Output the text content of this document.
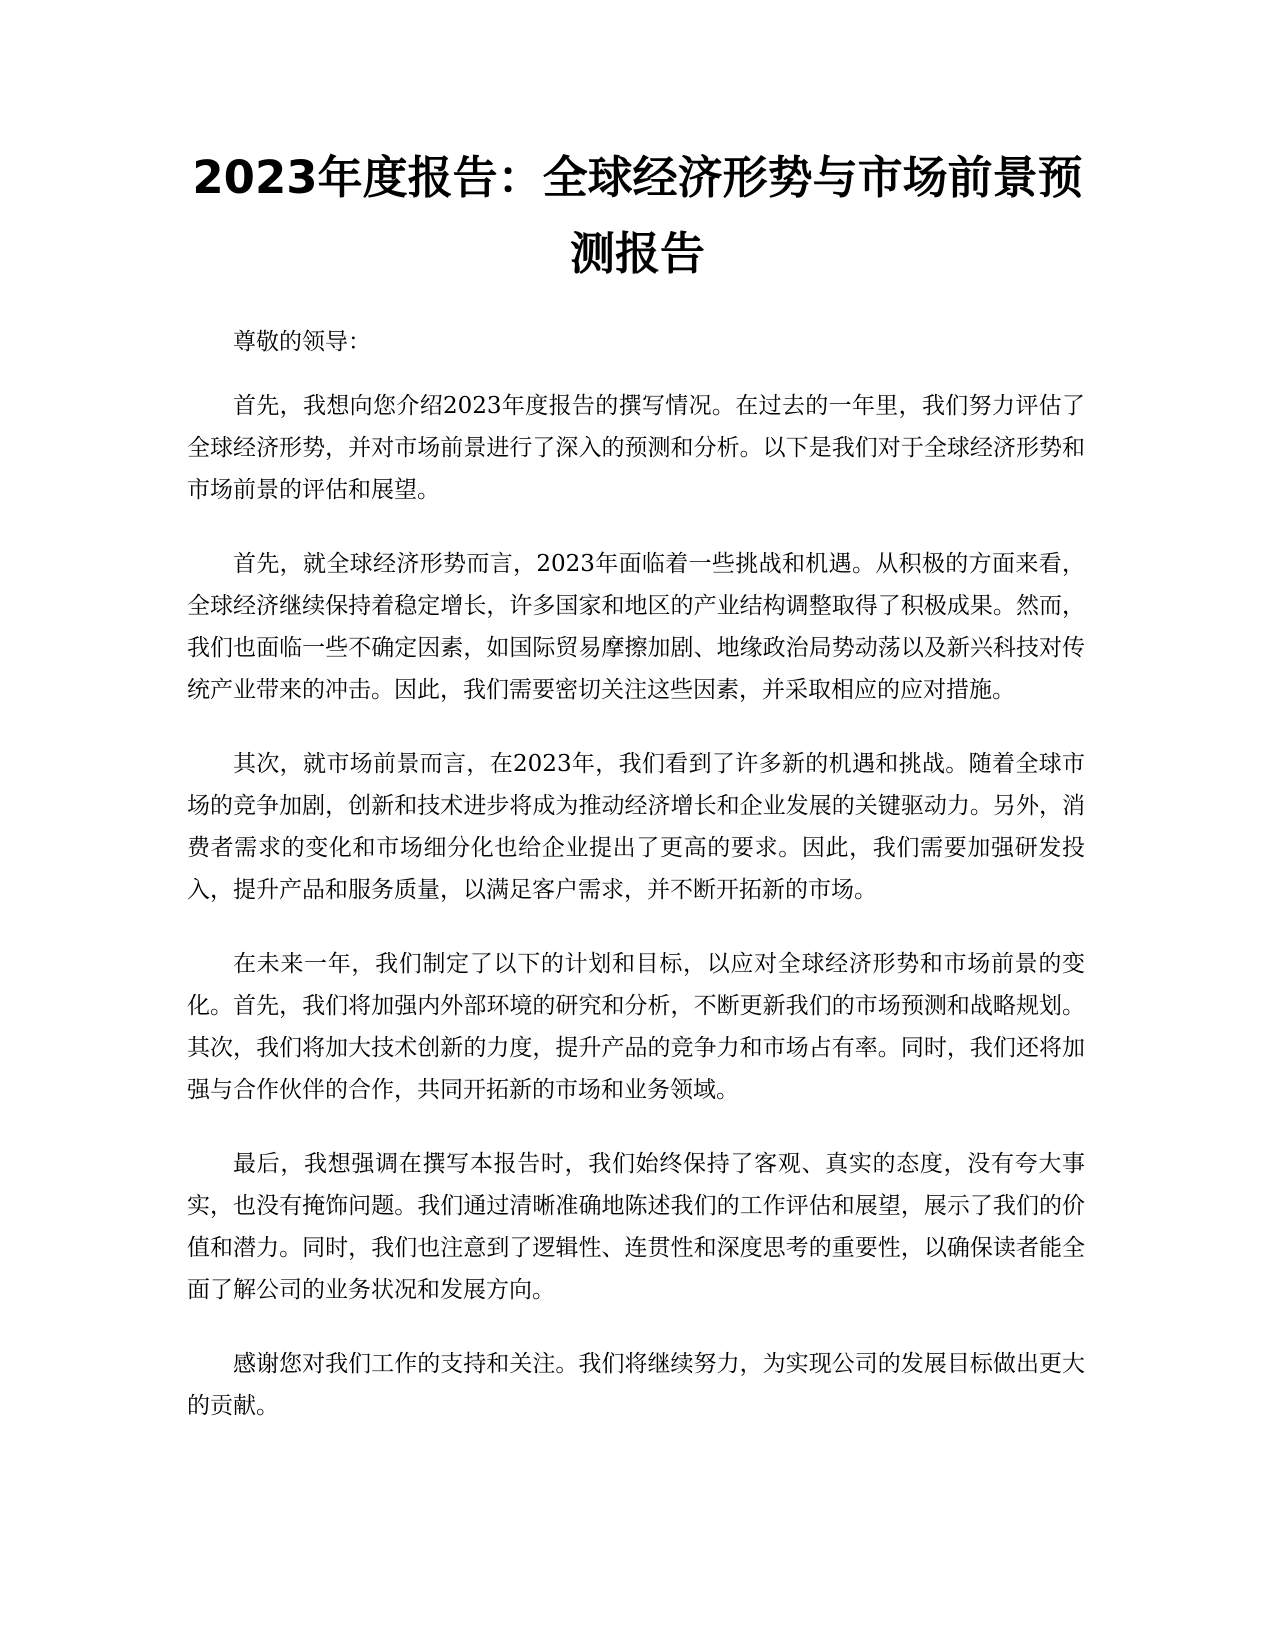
2023年度报告：全球经济形势与市场前景预测报告

尊敬的领导：

首先，我想向您介绍2023年度报告的撰写情况。在过去的一年里，我们努力评估了全球经济形势，并对市场前景进行了深入的预测和分析。以下是我们对于全球经济形势和市场前景的评估和展望。

首先，就全球经济形势而言，2023年面临着一些挑战和机遇。从积极的方面来看，全球经济继续保持着稳定增长，许多国家和地区的产业结构调整取得了积极成果。然而，我们也面临一些不确定因素，如国际贸易摩擦加剧、地缘政治局势动荡以及新兴科技对传统产业带来的冲击。因此，我们需要密切关注这些因素，并采取相应的应对措施。

其次，就市场前景而言，在2023年，我们看到了许多新的机遇和挑战。随着全球市场的竞争加剧，创新和技术进步将成为推动经济增长和企业发展的关键驱动力。另外，消费者需求的变化和市场细分化也给企业提出了更高的要求。因此，我们需要加强研发投入，提升产品和服务质量，以满足客户需求，并不断开拓新的市场。

在未来一年，我们制定了以下的计划和目标，以应对全球经济形势和市场前景的变化。首先，我们将加强内外部环境的研究和分析，不断更新我们的市场预测和战略规划。其次，我们将加大技术创新的力度，提升产品的竞争力和市场占有率。同时，我们还将加强与合作伙伴的合作，共同开拓新的市场和业务领域。

最后，我想强调在撰写本报告时，我们始终保持了客观、真实的态度，没有夸大事实，也没有掩饰问题。我们通过清晰准确地陈述我们的工作评估和展望，展示了我们的价值和潜力。同时，我们也注意到了逻辑性、连贯性和深度思考的重要性，以确保读者能全面了解公司的业务状况和发展方向。

感谢您对我们工作的支持和关注。我们将继续努力，为实现公司的发展目标做出更大的贡献。
